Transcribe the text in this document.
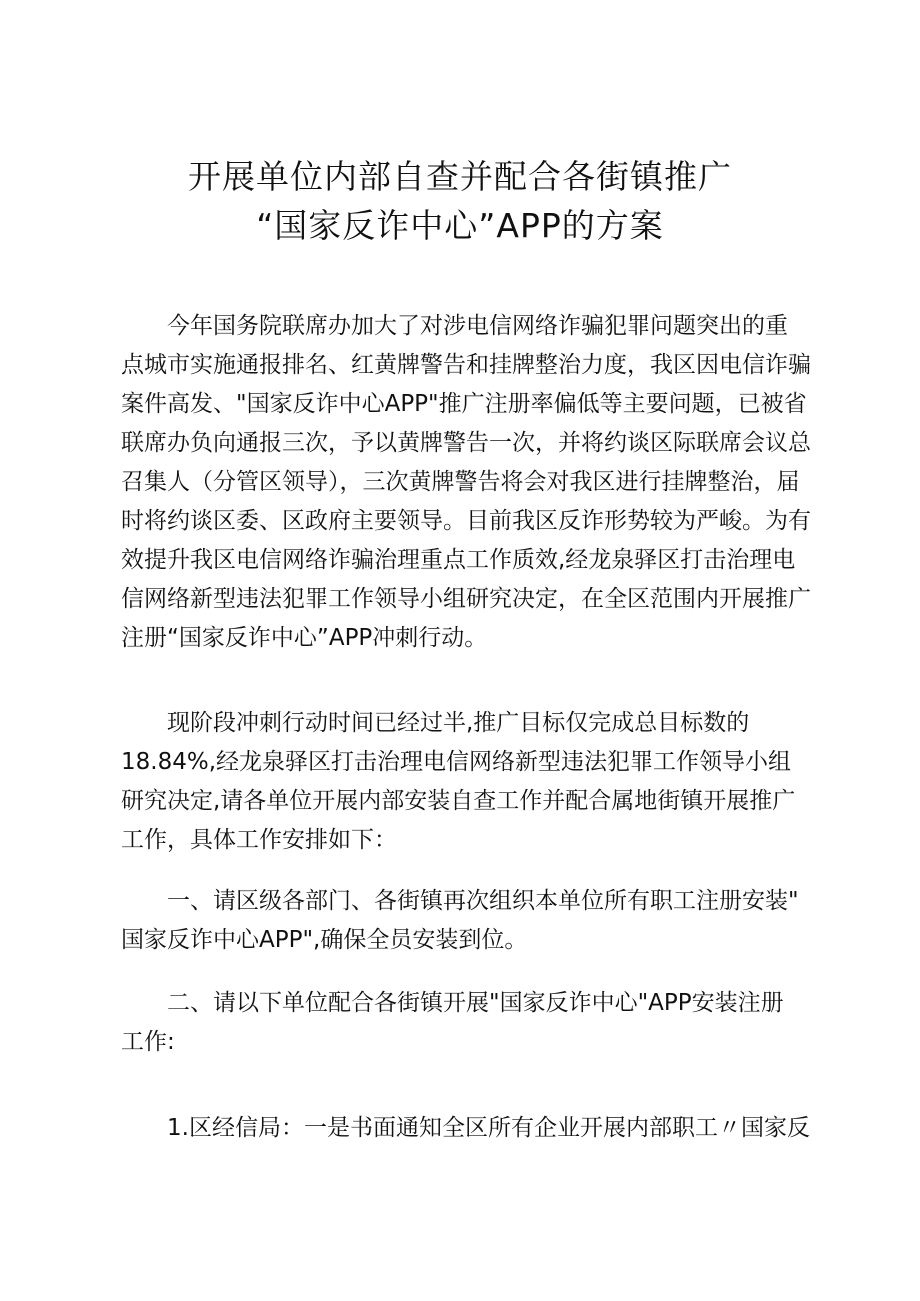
开展单位内部自查并配合各街镇推广
“国家反诈中心”APP的方案

今年国务院联席办加大了对涉电信网络诈骗犯罪问题突出的重
点城市实施通报排名、红黄牌警告和挂牌整治力度，我区因电信诈骗
案件高发、"国家反诈中心APP"推广注册率偏低等主要问题，已被省
联席办负向通报三次，予以黄牌警告一次，并将约谈区际联席会议总
召集人（分管区领导），三次黄牌警告将会对我区进行挂牌整治，届
时将约谈区委、区政府主要领导。目前我区反诈形势较为严峻。为有
效提升我区电信网络诈骗治理重点工作质效,经龙泉驿区打击治理电
信网络新型违法犯罪工作领导小组研究决定，在全区范围内开展推广
注册“国家反诈中心”APP冲刺行动。

现阶段冲刺行动时间已经过半,推广目标仅完成总目标数的
18.84%,经龙泉驿区打击治理电信网络新型违法犯罪工作领导小组
研究决定,请各单位开展内部安装自查工作并配合属地街镇开展推广
工作，具体工作安排如下：

一、请区级各部门、各街镇再次组织本单位所有职工注册安装"
国家反诈中心APP",确保全员安装到位。

二、请以下单位配合各街镇开展"国家反诈中心"APP安装注册
工作:

1.区经信局：一是书面通知全区所有企业开展内部职工〃国家反
